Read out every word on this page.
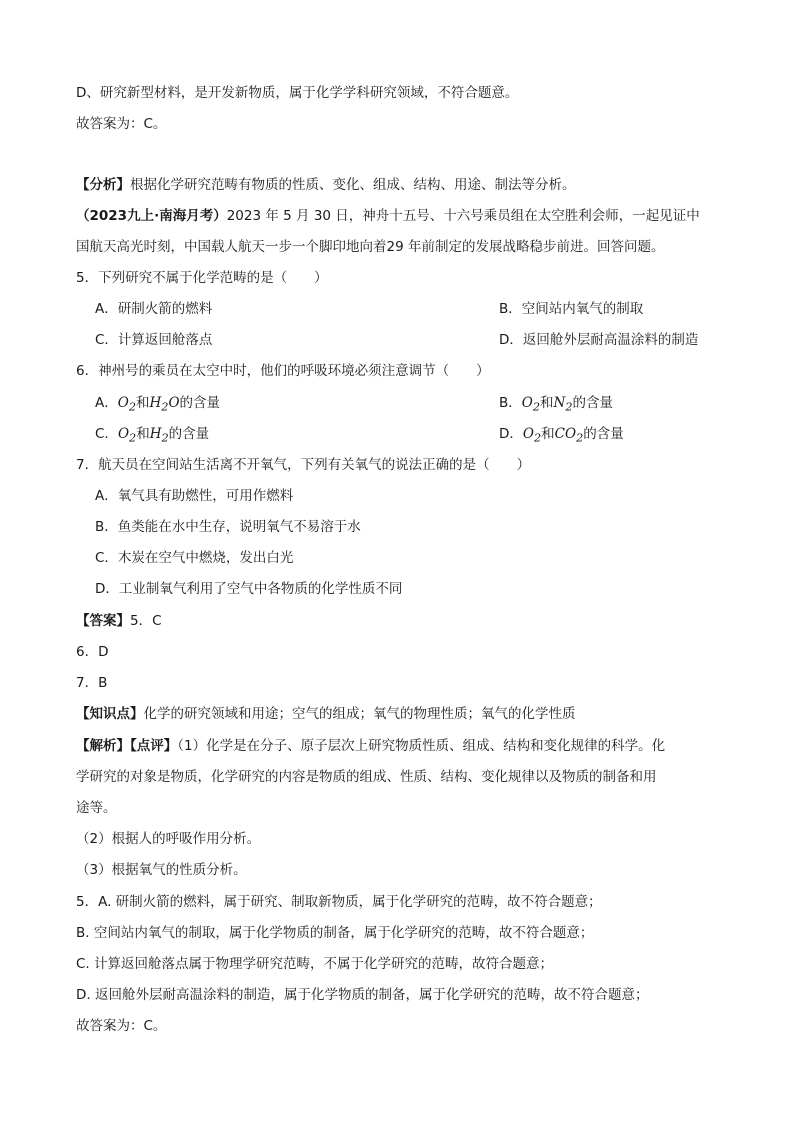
D、研究新型材料，是开发新物质，属于化学学科研究领域，不符合题意。
故答案为：C。
【分析】根据化学研究范畴有物质的性质、变化、组成、结构、用途、制法等分析。
（2023九上·南海月考）2023 年 5 月 30 日，神舟十五号、十六号乘员组在太空胜利会师，一起见证中
国航天高光时刻，中国载人航天一步一个脚印地向着29 年前制定的发展战略稳步前进。回答问题。
5．下列研究不属于化学范畴的是（　　）
A．研制火箭的燃料	B．空间站内氧气的制取
C．计算返回舱落点	D．返回舱外层耐高温涂料的制造
6．神州号的乘员在太空中时，他们的呼吸环境必须注意调节（　　）
A．$O_2$和$H_2O$的含量	B．$O_2$和$N_2$的含量
C．$O_2$和$H_2$的含量	D．$O_2$和$CO_2$的含量
7．航天员在空间站生活离不开氧气，下列有关氧气的说法正确的是（　　）
A．氧气具有助燃性，可用作燃料
B．鱼类能在水中生存，说明氧气不易溶于水
C．木炭在空气中燃烧，发出白光
D．工业制氧气利用了空气中各物质的化学性质不同
【答案】5．C
6．D
7．B
【知识点】化学的研究领域和用途；空气的组成；氧气的物理性质；氧气的化学性质
【解析】【点评】（1）化学是在分子、原子层次上研究物质性质、组成、结构和变化规律的科学。化
学研究的对象是物质，化学研究的内容是物质的组成、性质、结构、变化规律以及物质的制备和用
途等。
（2）根据人的呼吸作用分析。
（3）根据氧气的性质分析。
5．A. 研制火箭的燃料，属于研究、制取新物质，属于化学研究的范畴，故不符合题意；
B. 空间站内氧气的制取，属于化学物质的制备，属于化学研究的范畴，故不符合题意；
C. 计算返回舱落点属于物理学研究范畴，不属于化学研究的范畴，故符合题意；
D. 返回舱外层耐高温涂料的制造，属于化学物质的制备，属于化学研究的范畴，故不符合题意；
故答案为：C。
